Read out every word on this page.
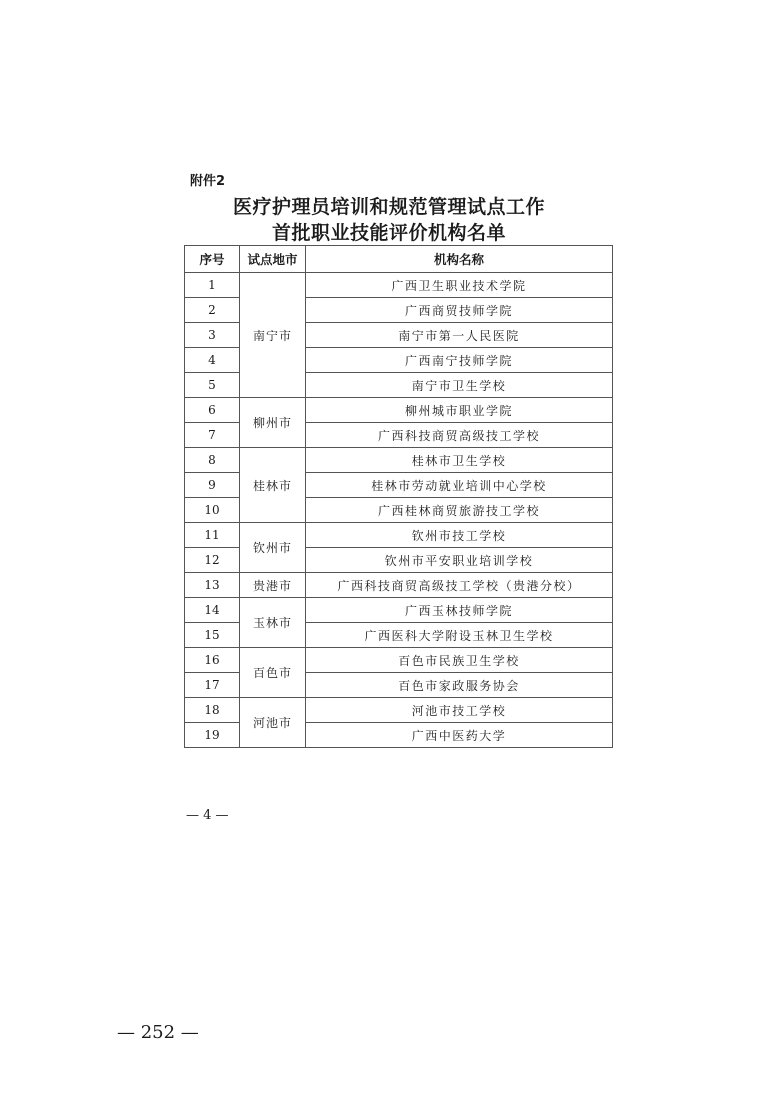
附件2
医疗护理员培训和规范管理试点工作
首批职业技能评价机构名单
序号	试点地市	机构名称
1	南宁市	广西卫生职业技术学院
2		广西商贸技师学院
3		南宁市第一人民医院
4		广西南宁技师学院
5		南宁市卫生学校
6	柳州市	柳州城市职业学院
7		广西科技商贸高级技工学校
8	桂林市	桂林市卫生学校
9		桂林市劳动就业培训中心学校
10		广西桂林商贸旅游技工学校
11	钦州市	钦州市技工学校
12		钦州市平安职业培训学校
13	贵港市	广西科技商贸高级技工学校（贵港分校）
14	玉林市	广西玉林技师学院
15		广西医科大学附设玉林卫生学校
16	百色市	百色市民族卫生学校
17		百色市家政服务协会
18	河池市	河池市技工学校
19		广西中医药大学
— 4 —
— 252 —
